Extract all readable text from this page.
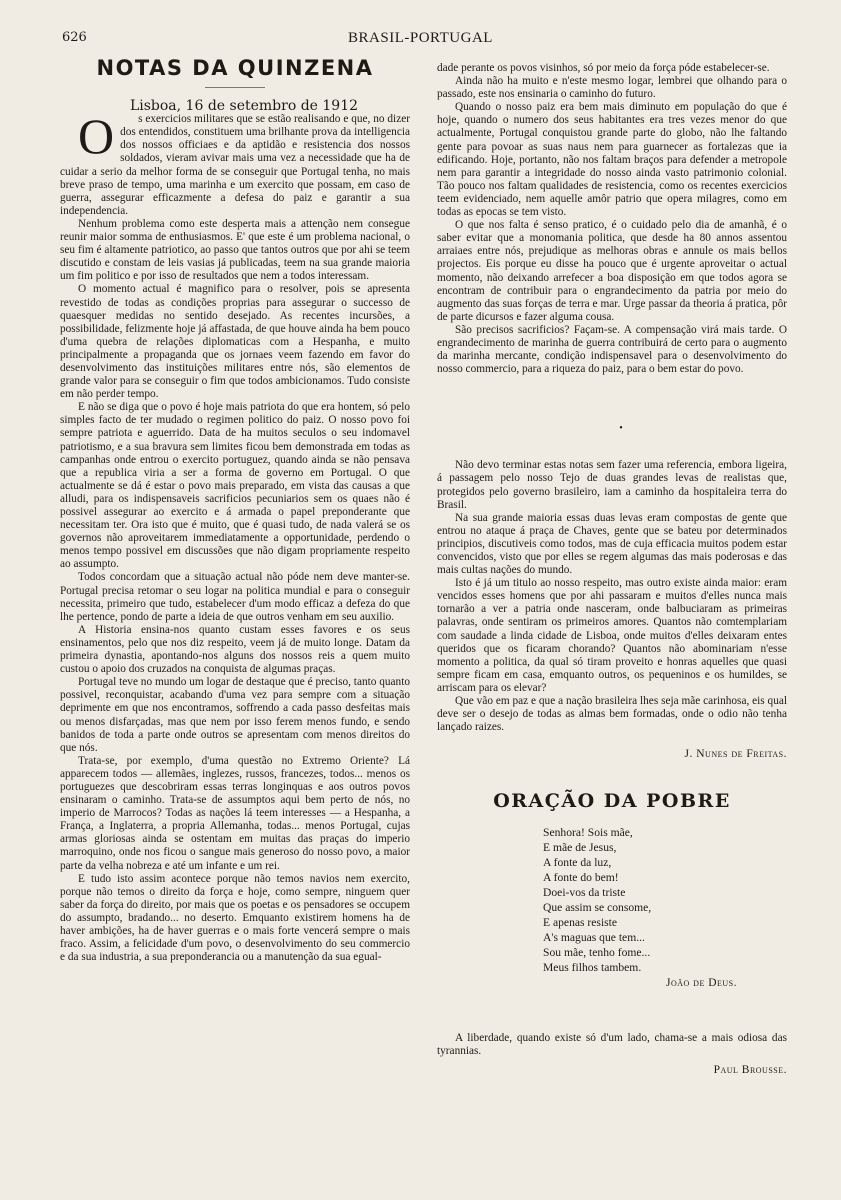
626	BRASIL-PORTUGAL
NOTAS DA QUINZENA

Lisboa, 16 de setembro de 1912

O s exercicios militares que se estão realisando e que, no dizer dos entendidos, constituem uma brilhante prova da intelligencia dos nossos officiaes e da aptidão e resistencia dos nossos soldados, vieram avivar mais uma vez a necessidade que ha de cuidar a serio da melhor forma de se conseguir que Portugal tenha, no mais breve praso de tempo, uma marinha e um exercito que possam, em caso de guerra, assegurar efficazmente a defesa do paiz e garantir a sua independencia.

Nenhum problema como este desperta mais a attenção nem consegue reunir maior somma de enthusiasmos. E' que este é um problema nacional, o seu fim é altamente patriotico, ao passo que tantos outros que por ahi se teem discutido e constam de leis vasias já publicadas, teem na sua grande maioria um fim politico e por isso de resultados que nem a todos interessam.

O momento actual é magnifico para o resolver, pois se apresenta revestido de todas as condições proprias para assegurar o successo de quaesquer medidas no sentido desejado. As recentes incursões, a possibilidade, felizmente hoje já affastada, de que houve ainda ha bem pouco d'uma quebra de relações diplomaticas com a Hespanha, e muito principalmente a propaganda que os jornaes veem fazendo em favor do desenvolvimento das instituições militares entre nós, são elementos de grande valor para se conseguir o fim que todos ambicionamos. Tudo consiste em não perder tempo.

E não se diga que o povo é hoje mais patriota do que era hontem, só pelo simples facto de ter mudado o regimen politico do paiz. O nosso povo foi sempre patriota e aguerrido. Data de ha muitos seculos o seu indomavel patriotismo, e a sua bravura sem limites ficou bem demonstrada em todas as campanhas onde entrou o exercito portuguez, quando ainda se não pensava que a republica viria a ser a forma de governo em Portugal. O que actualmente se dá é estar o povo mais preparado, em vista das causas a que alludi, para os indispensaveis sacrificios pecuniarios sem os quaes não é possivel assegurar ao exercito e á armada o papel preponderante que necessitam ter. Ora isto que é muito, que é quasi tudo, de nada valerá se os governos não aproveitarem immediatamente a opportunidade, perdendo o menos tempo possivel em discussões que não digam propriamente respeito ao assumpto.

Todos concordam que a situação actual não póde nem deve manter-se. Portugal precisa retomar o seu logar na politica mundial e para o conseguir necessita, primeiro que tudo, estabelecer d'um modo efficaz a defeza do que lhe pertence, pondo de parte a ideia de que outros venham em seu auxilio.

A Historia ensina-nos quanto custam esses favores e os seus ensinamentos, pelo que nos diz respeito, veem já de muito longe. Datam da primeira dynastia, apontando-nos alguns dos nossos reis a quem muito custou o apoio dos cruzados na conquista de algumas praças.

Portugal teve no mundo um logar de destaque que é preciso, tanto quanto possivel, reconquistar, acabando d'uma vez para sempre com a situação deprimente em que nos encontramos, soffrendo a cada passo desfeitas mais ou menos disfarçadas, mas que nem por isso ferem menos fundo, e sendo banidos de toda a parte onde outros se apresentam com menos direitos do que nós.

Trata-se, por exemplo, d'uma questão no Extremo Oriente? Lá apparecem todos — allemães, inglezes, russos, francezes, todos... menos os portuguezes que descobriram essas terras longinquas e aos outros povos ensinaram o caminho. Trata-se de assumptos aqui bem perto de nós, no imperio de Marrocos? Todas as nações lá teem interesses — a Hespanha, a França, a Inglaterra, a propria Allemanha, todas... menos Portugal, cujas armas gloriosas ainda se ostentam em muitas das praças do imperio marroquino, onde nos ficou o sangue mais generoso do nosso povo, a maior parte da velha nobreza e até um infante e um rei.

E tudo isto assim acontece porque não temos navios nem exercito, porque não temos o direito da força e hoje, como sempre, ninguem quer saber da força do direito, por mais que os poetas e os pensadores se occupem do assumpto, bradando... no deserto. Emquanto existirem homens ha de haver ambições, ha de haver guerras e o mais forte vencerá sempre o mais fraco. Assim, a felicidade d'um povo, o desenvolvimento do seu commercio e da sua industria, a sua preponderancia ou a manutenção da sua egual-

dade perante os povos visinhos, só por meio da força póde estabelecer-se.

Ainda não ha muito e n'este mesmo logar, lembrei que olhando para o passado, este nos ensinaria o caminho do futuro.

Quando o nosso paiz era bem mais diminuto em população do que é hoje, quando o numero dos seus habitantes era tres vezes menor do que actualmente, Portugal conquistou grande parte do globo, não lhe faltando gente para povoar as suas naus nem para guarnecer as fortalezas que ia edificando. Hoje, portanto, não nos faltam braços para defender a metropole nem para garantir a integridade do nosso ainda vasto patrimonio colonial. Tão pouco nos faltam qualidades de resistencia, como os recentes exercicios teem evidenciado, nem aquelle amôr patrio que opera milagres, como em todas as epocas se tem visto.

O que nos falta é senso pratico, é o cuidado pelo dia de amanhã, é o saber evitar que a monomania politica, que desde ha 80 annos assentou arraiaes entre nós, prejudique as melhoras obras e annule os mais bellos projectos. Eis porque eu disse ha pouco que é urgente aproveitar o actual momento, não deixando arrefecer a boa disposição em que todos agora se encontram de contribuir para o engrandecimento da patria por meio do augmento das suas forças de terra e mar. Urge passar da theoria á pratica, pôr de parte dicursos e fazer alguma cousa.

São precisos sacrificios? Façam-se. A compensação virá mais tarde. O engrandecimento de marinha de guerra contribuirá de certo para o augmento da marinha mercante, condição indispensavel para o desenvolvimento do nosso commercio, para a riqueza do paiz, para o bem estar do povo.

•

Não devo terminar estas notas sem fazer uma referencia, embora ligeira, á passagem pelo nosso Tejo de duas grandes levas de realistas que, protegidos pelo governo brasileiro, iam a caminho da hospitaleira terra do Brasil.

Na sua grande maioria essas duas levas eram compostas de gente que entrou no ataque á praça de Chaves, gente que se bateu por determinados principios, discutiveis como todos, mas de cuja efficacia muitos podem estar convencidos, visto que por elles se regem algumas das mais poderosas e das mais cultas nações do mundo.

Isto é já um titulo ao nosso respeito, mas outro existe ainda maior: eram vencidos esses homens que por ahi passaram e muitos d'elles nunca mais tornarão a ver a patria onde nasceram, onde balbuciaram as primeiras palavras, onde sentiram os primeiros amores. Quantos não comtemplariam com saudade a linda cidade de Lisboa, onde muitos d'elles deixaram entes queridos que os ficaram chorando? Quantos não abominariam n'esse momento a politica, da qual só tiram proveito e honras aquelles que quasi sempre ficam em casa, emquanto outros, os pequeninos e os humildes, se arriscam para os elevar?

Que vão em paz e que a nação brasileira lhes seja mãe carinhosa, eis qual deve ser o desejo de todas as almas bem formadas, onde o odio não tenha lançado raizes.

J. Nunes de Freitas.

ORAÇÃO DA POBRE
Senhora! Sois mãe,
E mãe de Jesus,
A fonte da luz,
A fonte do bem!
Doei-vos da triste
Que assim se consome,
E apenas resiste
A's maguas que tem...
Sou mãe, tenho fome...
Meus filhos tambem.

João de Deus.

A liberdade, quando existe só d'um lado, chama-se a mais odiosa das tyrannias.

Paul Brousse.
